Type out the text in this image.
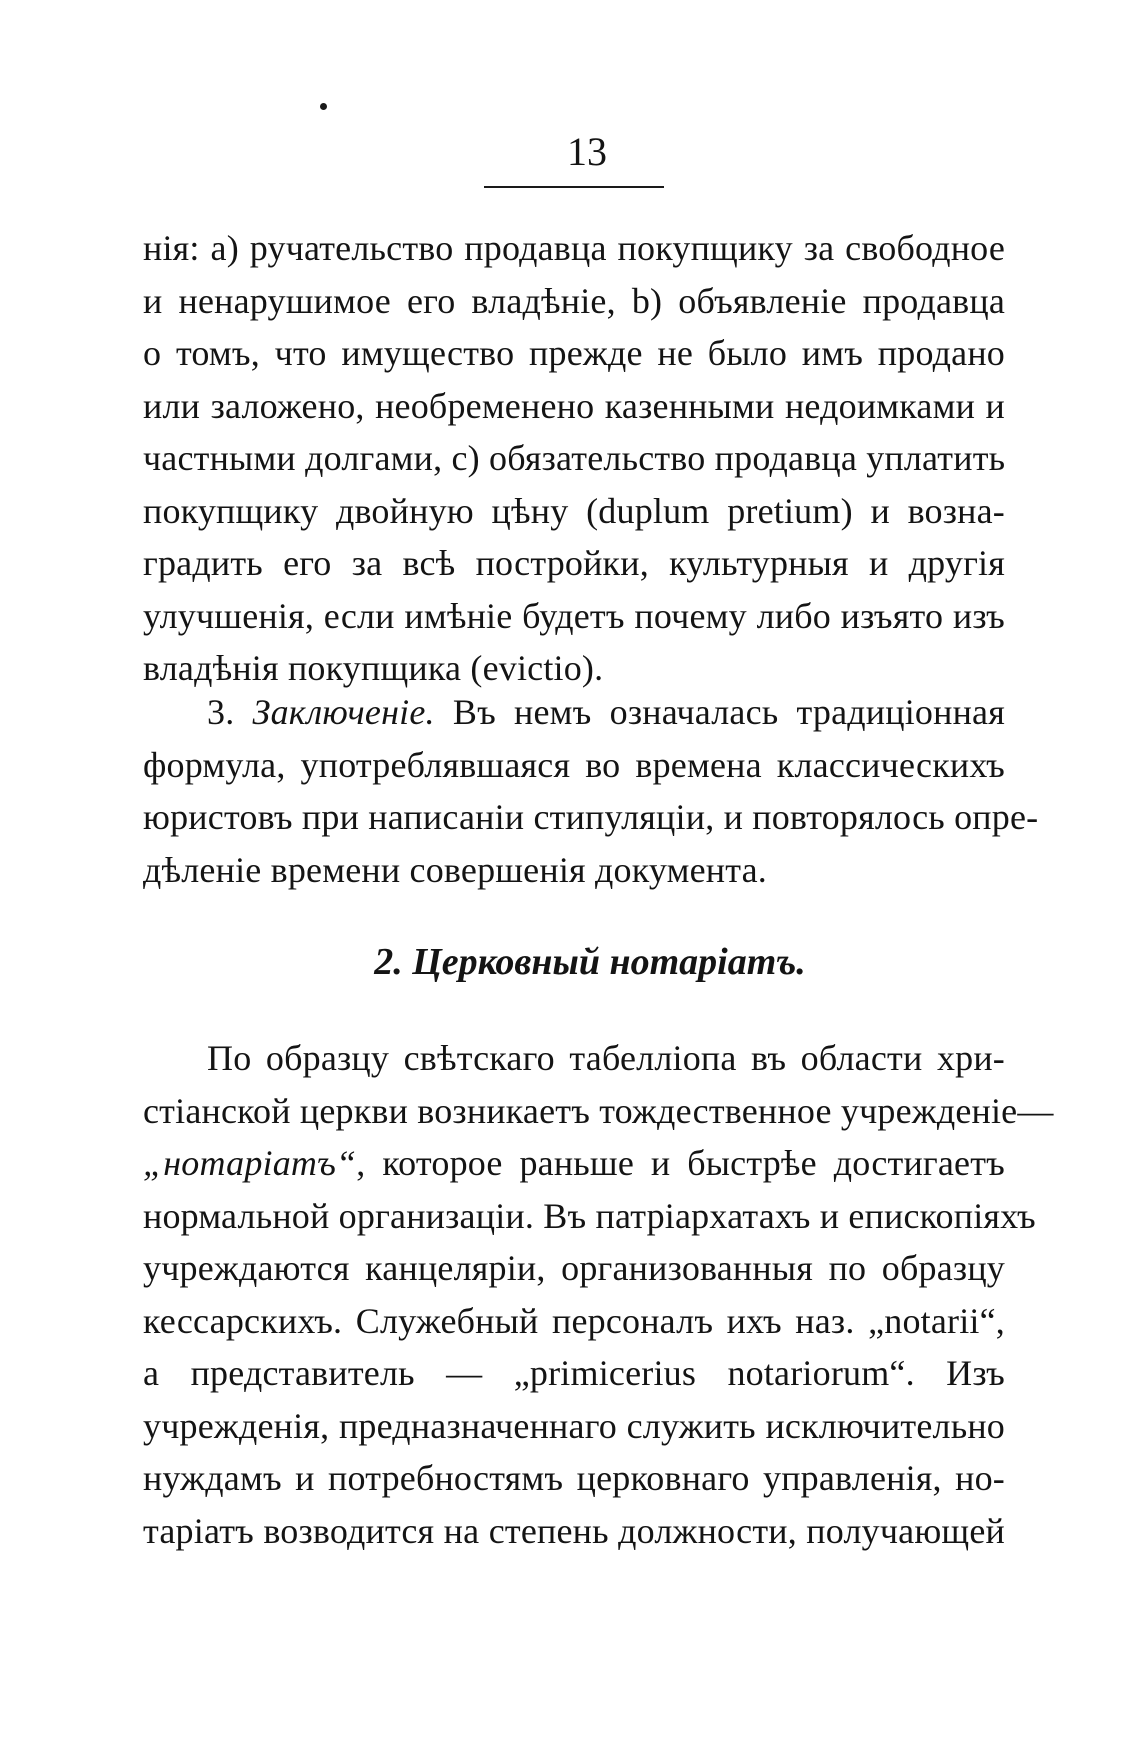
13
нія: а) ручательство продавца покупщику за свободное
и ненарушимое его владѣніе, b) объявленіе продавца
о томъ, что имущество прежде не было имъ продано
или заложено, необременено казенными недоимками и
частными долгами, с) обязательство продавца уплатить
покупщику двойную цѣну (duplum pretium) и возна-
градить его за всѣ постройки, культурныя и другія
улучшенія, если имѣніе будетъ почему либо изъято изъ
владѣнія покупщика (evictio).
3. Заключеніе. Въ немъ означалась традиціонная
формула, употреблявшаяся во времена классическихъ
юристовъ при написаніи стипуляціи, и повторялось опре-
дѣленіе времени совершенія документа.
2. Церковный нотаріатъ.
По образцу свѣтскаго табелліопа въ области хри-
стіанской церкви возникаетъ тождественное учрежденіе—
„нотаріатъ“, которое раньше и быстрѣе достигаетъ
нормальной организаціи. Въ патріархатахъ и епископіяхъ
учреждаются канцеляріи, организованныя по образцу
кессарскихъ. Служебный персоналъ ихъ наз. „notarii“,
а представитель — „primicerius notariorum“. Изъ
учрежденія, предназначеннаго служить исключительно
нуждамъ и потребностямъ церковнаго управленія, но-
таріатъ возводится на степень должности, получающей
